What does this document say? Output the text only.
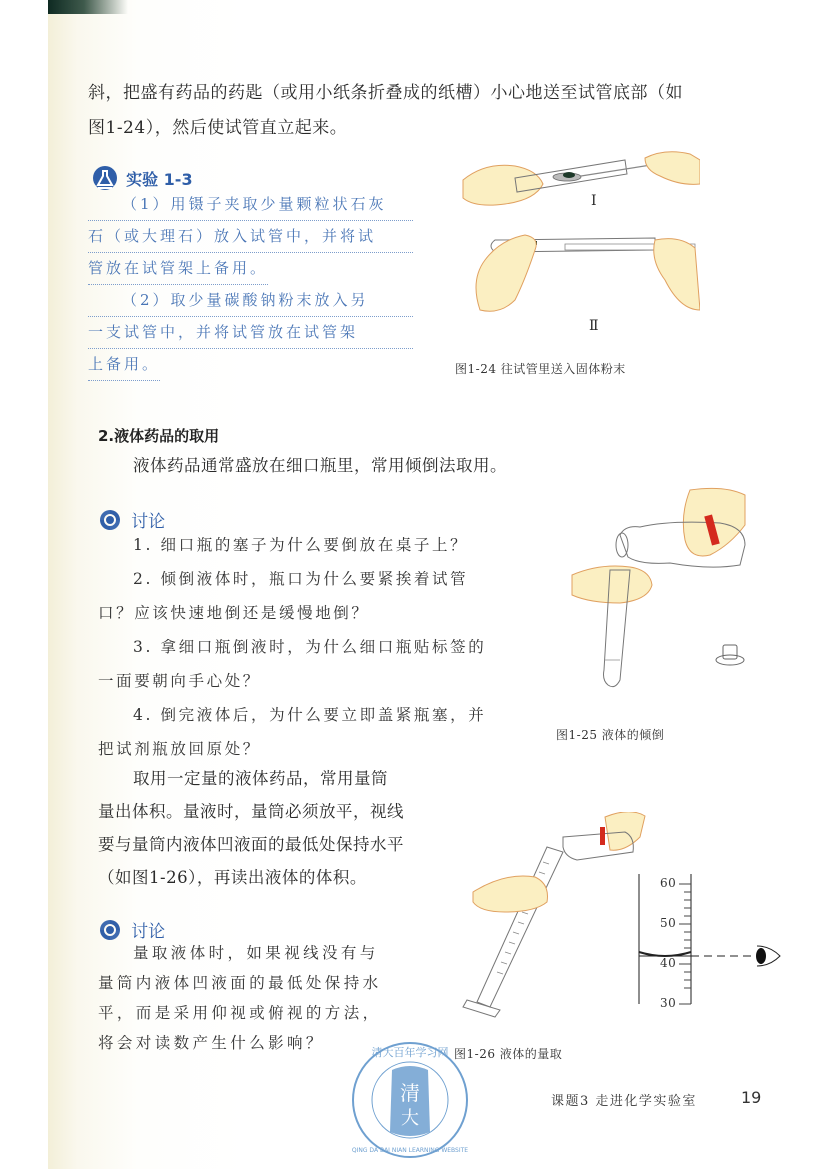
斜，把盛有药品的药匙（或用小纸条折叠成的纸槽）小心地送至试管底部（如
图1-24），然后使试管直立起来。
实验 1-3
（1）用镊子夹取少量颗粒状石灰
石（或大理石）放入试管中，并将试
管放在试管架上备用。
（2）取少量碳酸钠粉末放入另
一支试管中，并将试管放在试管架
上备用。
Ⅰ
Ⅱ
图1-24 往试管里送入固体粉末
2.液体药品的取用
液体药品通常盛放在细口瓶里，常用倾倒法取用。
讨论
1. 细口瓶的塞子为什么要倒放在桌子上？
2. 倾倒液体时，瓶口为什么要紧挨着试管
口？应该快速地倒还是缓慢地倒？
3. 拿细口瓶倒液时，为什么细口瓶贴标签的
一面要朝向手心处？
4. 倒完液体后，为什么要立即盖紧瓶塞，并
把试剂瓶放回原处？
图1-25 液体的倾倒
取用一定量的液体药品，常用量筒
量出体积。量液时，量筒必须放平，视线
要与量筒内液体凹液面的最低处保持水平
（如图1-26），再读出液体的体积。
讨论
量取液体时，如果视线没有与
量筒内液体凹液面的最低处保持水
平，而是采用仰视或俯视的方法，
将会对读数产生什么影响？
60
50
40
30
图1-26 液体的量取
清
大
清大百年学习网
QING DA BAI NIAN LEARNING WEBSITE
课题3 走进化学实验室	19
